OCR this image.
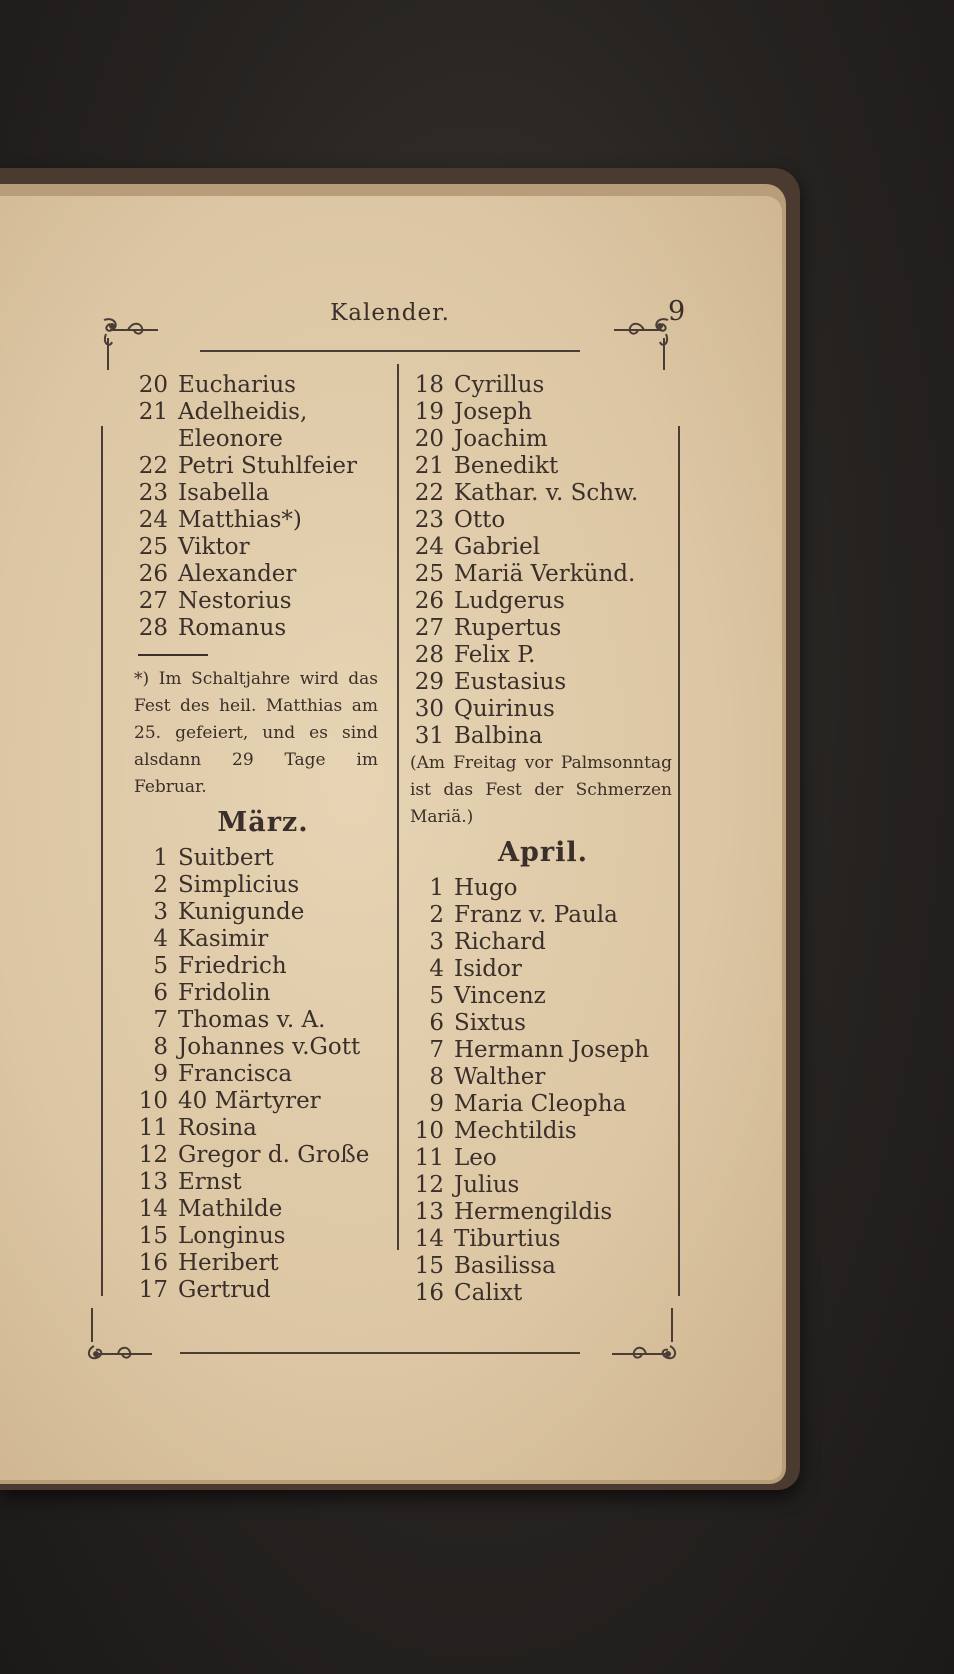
Kalender.	9
20 Eucharius
21 Adelheidis,
Eleonore
22 Petri Stuhlfeier
23 Isabella
24 Matthias*)
25 Viktor
26 Alexander
27 Nestorius
28 Romanus
*) Im Schaltjahre wird das Fest des heil. Matthias am 25. gefeiert, und es sind alsdann 29 Tage im Februar.
März.
1 Suitbert
2 Simplicius
3 Kunigunde
4 Kasimir
5 Friedrich
6 Fridolin
7 Thomas v. A.
8 Johannes v.Gott
9 Francisca
10 40 Märtyrer
11 Rosina
12 Gregor d. Große
13 Ernst
14 Mathilde
15 Longinus
16 Heribert
17 Gertrud
18 Cyrillus
19 Joseph
20 Joachim
21 Benedikt
22 Kathar. v. Schw.
23 Otto
24 Gabriel
25 Mariä Verkünd.
26 Ludgerus
27 Rupertus
28 Felix P.
29 Eustasius
30 Quirinus
31 Balbina
(Am Freitag vor Palmsonntag ist das Fest der Schmerzen Mariä.)
April.
1 Hugo
2 Franz v. Paula
3 Richard
4 Isidor
5 Vincenz
6 Sixtus
7 Hermann Joseph
8 Walther
9 Maria Cleopha
10 Mechtildis
11 Leo
12 Julius
13 Hermengildis
14 Tiburtius
15 Basilissa
16 Calixt
